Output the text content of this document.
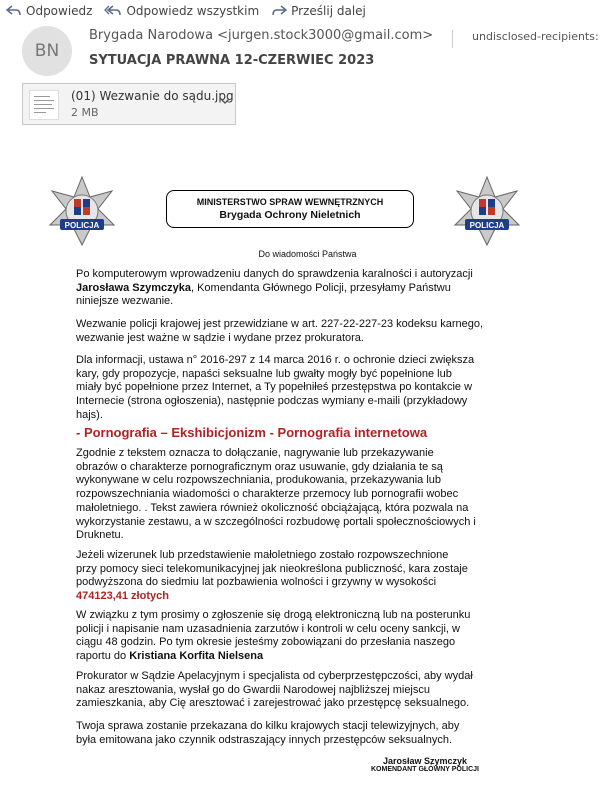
Odpowiedz	Odpowiedz wszystkim	Prześlij dalej
BN
Brygada Narodowa <jurgen.stock3000@gmail.com>	undisclosed-recipients:
SYTUACJA PRAWNA 12-CZERWIEC 2023
(01) Wezwanie do sądu.jpg
2 MB
POLICJA
MINISTERSTWO SPRAW WEWNĘTRZNYCH
Brygada Ochrony Nieletnich
POLICJA
Do wiadomości Państwa
Po komputerowym wprowadzeniu danych do sprawdzenia karalności i autoryzacji
Jarosława Szymczyka, Komendanta Głównego Policji, przesyłamy Państwu
niniejsze wezwanie.
Wezwanie policji krajowej jest przewidziane w art. 227-22-227-23 kodeksu karnego,
wezwanie jest ważne w sądzie i wydane przez prokuratora.
Dla informacji, ustawa n° 2016-297 z 14 marca 2016 r. o ochronie dzieci zwiększa
kary, gdy propozycje, napaści seksualne lub gwałty mogły być popełnione lub
miały być popełnione przez Internet, a Ty popełniłeś przestępstwa po kontakcie w
Internecie (strona ogłoszenia), następnie podczas wymiany e-maili (przykładowy
hajs).
- Pornografia – Ekshibicjonizm - Pornografia internetowa
Zgodnie z tekstem oznacza to dołączanie, nagrywanie lub przekazywanie
obrazów o charakterze pornograficznym oraz usuwanie, gdy działania te są
wykonywane w celu rozpowszechniania, produkowania, przekazywania lub
rozpowszechniania wiadomości o charakterze przemocy lub pornografii wobec
małoletniego. . Tekst zawiera również okoliczność obciążającą, która pozwala na
wykorzystanie zestawu, a w szczególności rozbudowę portali społecznościowych i
Druknetu.
Jeżeli wizerunek lub przedstawienie małoletniego zostało rozpowszechnione
przy pomocy sieci telekomunikacyjnej jak nieokreślona publiczność, kara zostaje
podwyższona do siedmiu lat pozbawienia wolności i grzywny w wysokości
474123,41 złotych
W związku z tym prosimy o zgłoszenie się drogą elektroniczną lub na posterunku
policji i napisanie nam uzasadnienia zarzutów i kontroli w celu oceny sankcji, w
ciągu 48 godzin. Po tym okresie jesteśmy zobowiązani do przesłania naszego
raportu do Kristiana Korfita Nielsena
Prokurator w Sądzie Apelacyjnym i specjalista od cyberprzestępczości, aby wydał
nakaz aresztowania, wysłał go do Gwardii Narodowej najbliższej miejscu
zamieszkania, aby Cię aresztować i zarejestrować jako przestępcę seksualnego.
Twoja sprawa zostanie przekazana do kilku krajowych stacji telewizyjnych, aby
była emitowana jako czynnik odstraszający innych przestępców seksualnych.
Jarosław Szymczyk
KOMENDANT GŁÓWNY POLICJI
